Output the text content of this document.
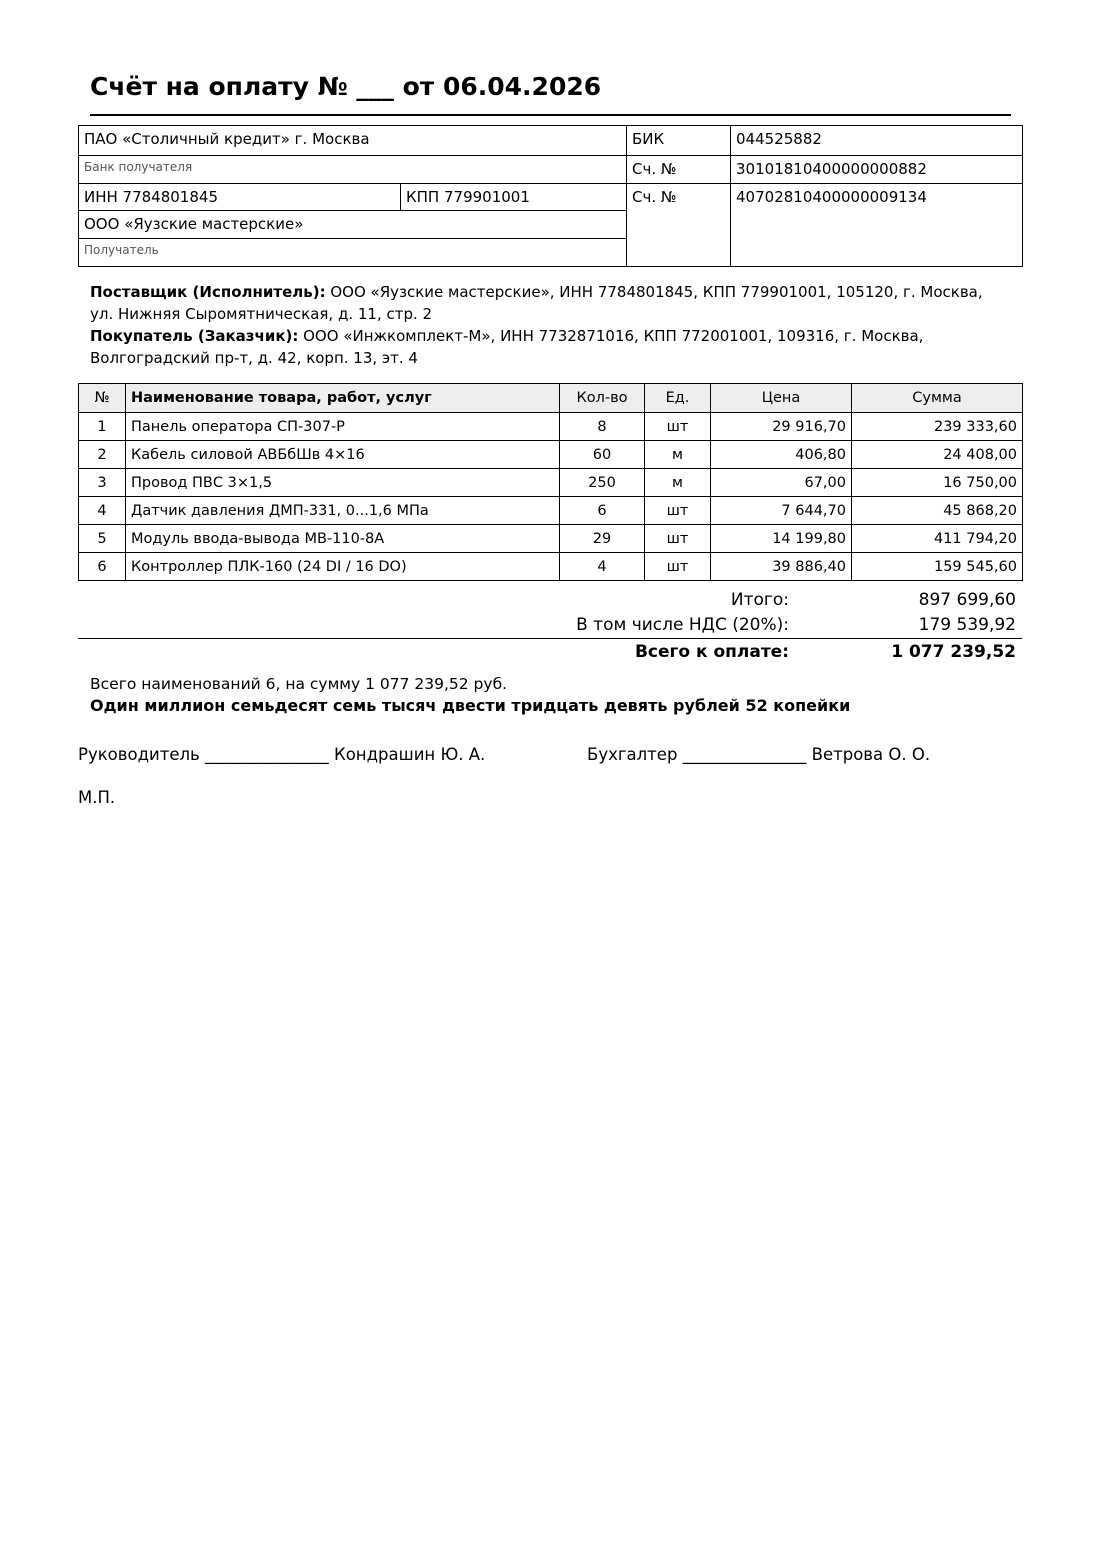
Счёт на оплату № ___ от 06.04.2026
ПАО «Столичный кредит» г. Москва		БИК	044525882
Банк получателя		Сч. №	30101810400000000882
ИНН 7784801845	КПП 779901001	Сч. №	40702810400000009134
ООО «Яузские мастерские»			
Получатель			

Поставщик (Исполнитель): ООО «Яузские мастерские», ИНН 7784801845, КПП 779901001, 105120, г. Москва, ул. Нижняя Сыромятническая, д. 11, стр. 2

Покупатель (Заказчик): ООО «Инжкомплект-М», ИНН 7732871016, КПП 772001001, 109316, г. Москва, Волгоградский пр-т, д. 42, корп. 13, эт. 4

№	Наименование товара, работ, услуг	Кол-во	Ед.	Цена	Сумма
1	Панель оператора СП-307-Р	8	шт	29 916,70	239 333,60
2	Кабель силовой АВБбШв 4×16	60	м	406,80	24 408,00
3	Провод ПВС 3×1,5	250	м	67,00	16 750,00
4	Датчик давления ДМП-331, 0...1,6 МПа	6	шт	7 644,70	45 868,20
5	Модуль ввода-вывода МВ-110-8А	29	шт	14 199,80	411 794,20
6	Контроллер ПЛК-160 (24 DI / 16 DO)	4	шт	39 886,40	159 545,60
Итого:	897 699,60
В том числе НДС (20%):	179 539,92
Всего к оплате:	1 077 239,52
Всего наименований 6, на сумму 1 077 239,52 руб.
Один миллион семьдесят семь тысяч двести тридцать девять рублей 52 копейки
Руководитель _______________ Кондрашин Ю. А.	Бухгалтер _______________ Ветрова О. О.
М.П.
